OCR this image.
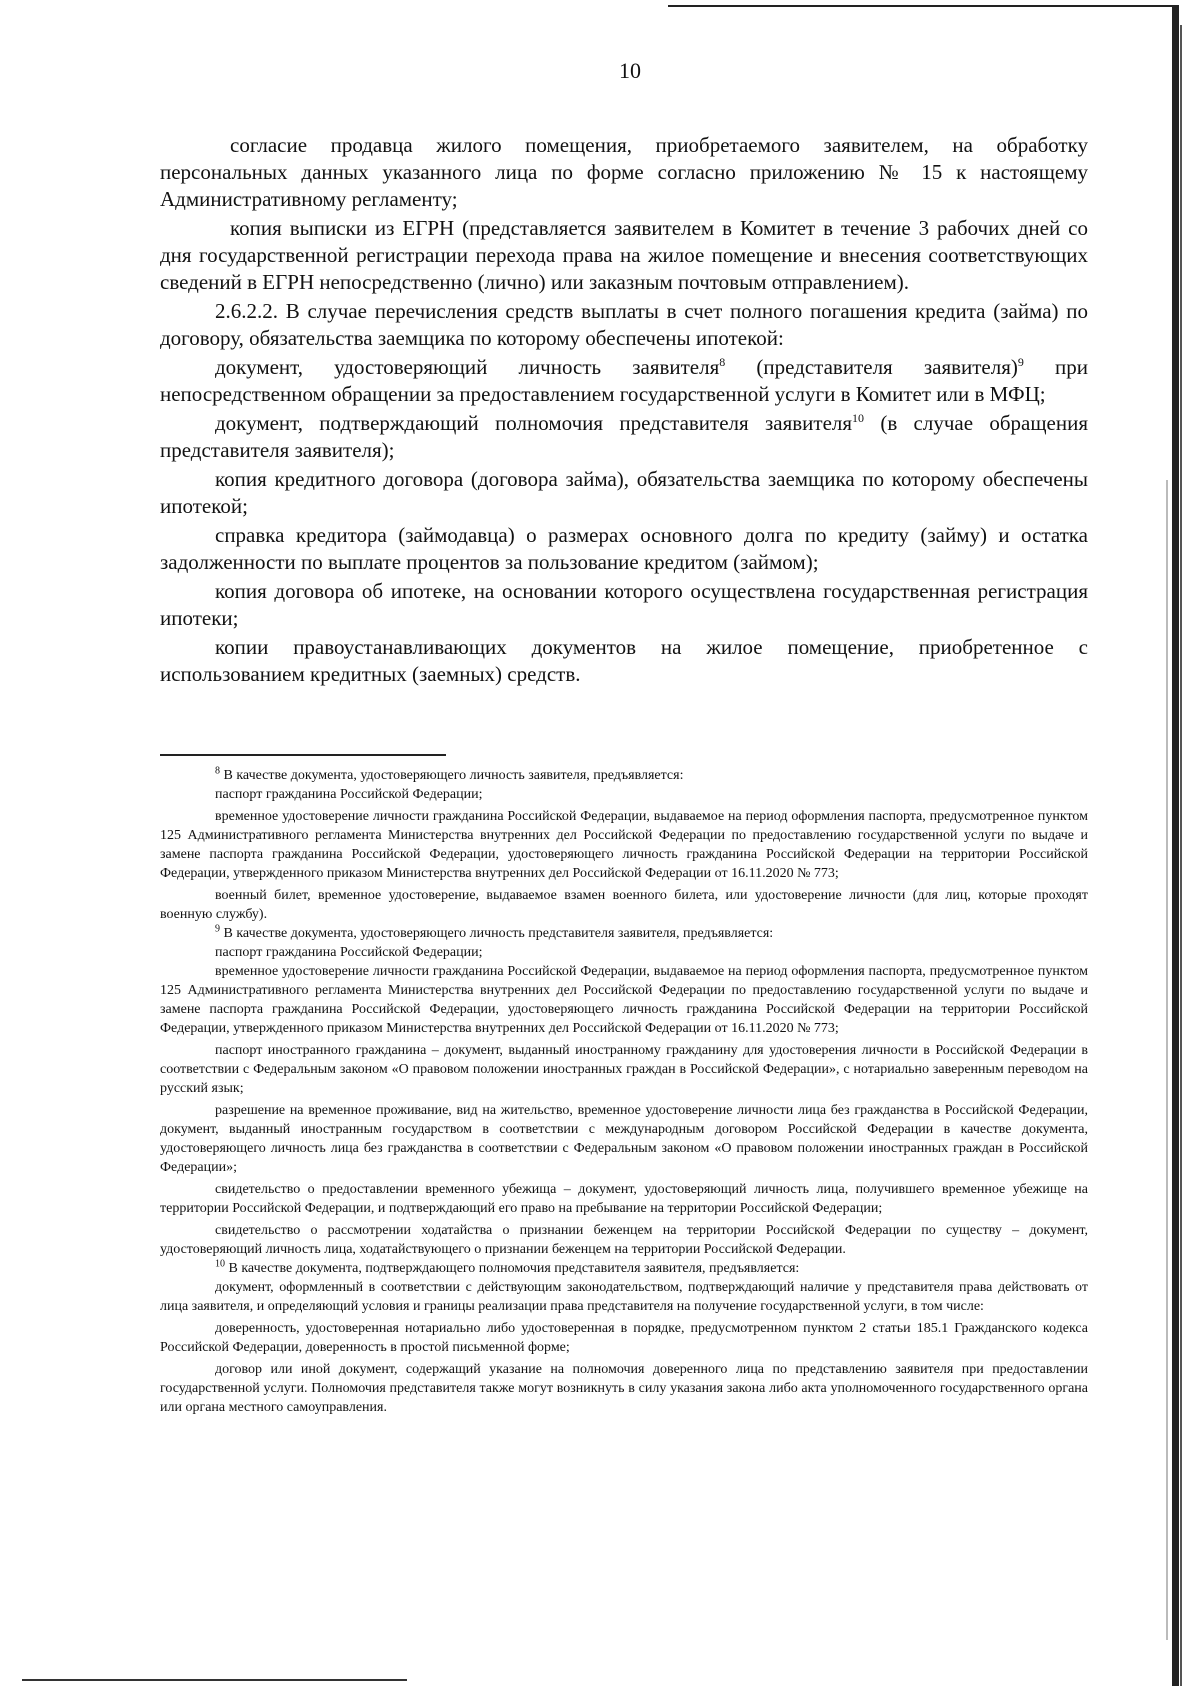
10

согласие продавца жилого помещения, приобретаемого заявителем, на обработку персональных данных указанного лица по форме согласно приложению № 15 к настоящему Административному регламенту;

копия выписки из ЕГРН (представляется заявителем в Комитет в течение 3 рабочих дней со дня государственной регистрации перехода права на жилое помещение и внесения соответствующих сведений в ЕГРН непосредственно (лично) или заказным почтовым отправлением).

2.6.2.2. В случае перечисления средств выплаты в счет полного погашения кредита (займа) по договору, обязательства заемщика по которому обеспечены ипотекой:

документ, удостоверяющий личность заявителя$^8$ (представителя заявителя)$^9$ при непосредственном обращении за предоставлением государственной услуги в Комитет или в МФЦ;

документ, подтверждающий полномочия представителя заявителя$^{10}$ (в случае обращения представителя заявителя);

копия кредитного договора (договора займа), обязательства заемщика по которому обеспечены ипотекой;

справка кредитора (займодавца) о размерах основного долга по кредиту (займу) и остатка задолженности по выплате процентов за пользование кредитом (займом);

копия договора об ипотеке, на основании которого осуществлена государственная регистрация ипотеки;

копии правоустанавливающих документов на жилое помещение, приобретенное с использованием кредитных (заемных) средств.

$^8$ В качестве документа, удостоверяющего личность заявителя, предъявляется:

паспорт гражданина Российской Федерации;

временное удостоверение личности гражданина Российской Федерации, выдаваемое на период оформления паспорта, предусмотренное пунктом 125 Административного регламента Министерства внутренних дел Российской Федерации по предоставлению государственной услуги по выдаче и замене паспорта гражданина Российской Федерации, удостоверяющего личность гражданина Российской Федерации на территории Российской Федерации, утвержденного приказом Министерства внутренних дел Российской Федерации от 16.11.2020 № 773;

военный билет, временное удостоверение, выдаваемое взамен военного билета, или удостоверение личности (для лиц, которые проходят военную службу).

$^9$ В качестве документа, удостоверяющего личность представителя заявителя, предъявляется:

паспорт гражданина Российской Федерации;

временное удостоверение личности гражданина Российской Федерации, выдаваемое на период оформления паспорта, предусмотренное пунктом 125 Административного регламента Министерства внутренних дел Российской Федерации по предоставлению государственной услуги по выдаче и замене паспорта гражданина Российской Федерации, удостоверяющего личность гражданина Российской Федерации на территории Российской Федерации, утвержденного приказом Министерства внутренних дел Российской Федерации от 16.11.2020 № 773;

паспорт иностранного гражданина – документ, выданный иностранному гражданину для удостоверения личности в Российской Федерации в соответствии с Федеральным законом «О правовом положении иностранных граждан в Российской Федерации», с нотариально заверенным переводом на русский язык;

разрешение на временное проживание, вид на жительство, временное удостоверение личности лица без гражданства в Российской Федерации, документ, выданный иностранным государством в соответствии с международным договором Российской Федерации в качестве документа, удостоверяющего личность лица без гражданства в соответствии с Федеральным законом «О правовом положении иностранных граждан в Российской Федерации»;

свидетельство о предоставлении временного убежища – документ, удостоверяющий личность лица, получившего временное убежище на территории Российской Федерации, и подтверждающий его право на пребывание на территории Российской Федерации;

свидетельство о рассмотрении ходатайства о признании беженцем на территории Российской Федерации по существу – документ, удостоверяющий личность лица, ходатайствующего о признании беженцем на территории Российской Федерации.

$^{10}$ В качестве документа, подтверждающего полномочия представителя заявителя, предъявляется:

документ, оформленный в соответствии с действующим законодательством, подтверждающий наличие у представителя права действовать от лица заявителя, и определяющий условия и границы реализации права представителя на получение государственной услуги, в том числе:

доверенность, удостоверенная нотариально либо удостоверенная в порядке, предусмотренном пунктом 2 статьи 185.1 Гражданского кодекса Российской Федерации, доверенность в простой письменной форме;

договор или иной документ, содержащий указание на полномочия доверенного лица по представлению заявителя при предоставлении государственной услуги. Полномочия представителя также могут возникнуть в силу указания закона либо акта уполномоченного государственного органа или органа местного самоуправления.
